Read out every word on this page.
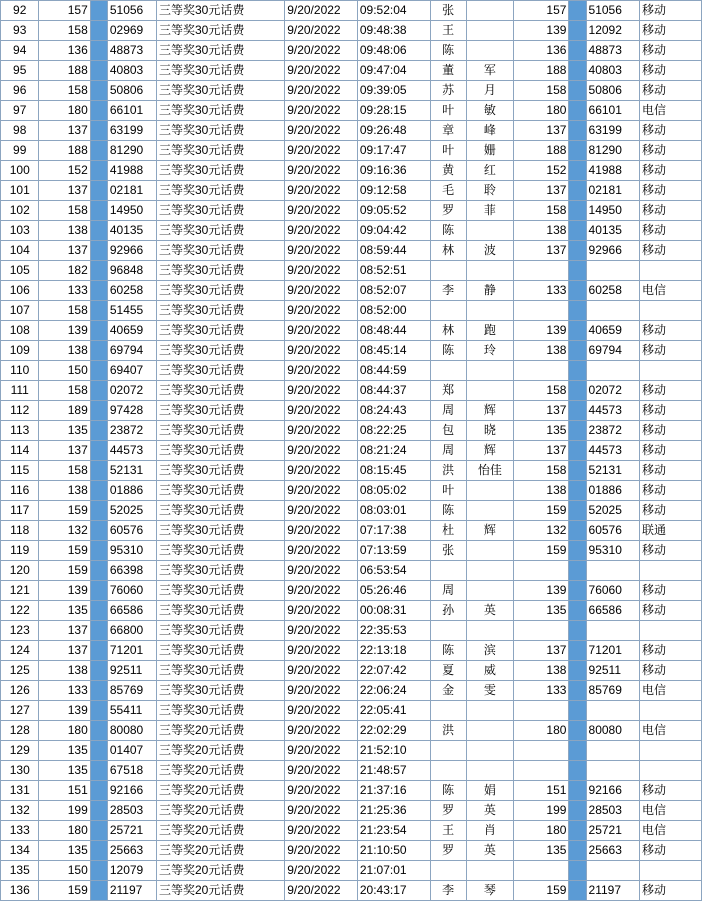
92	157		51056	三等奖30元话费	9/20/2022	09:52:04	张		157		51056	移动
93	158		02969	三等奖30元话费	9/20/2022	09:48:38	王		139		12092	移动
94	136		48873	三等奖30元话费	9/20/2022	09:48:06	陈		136		48873	移动
95	188		40803	三等奖30元话费	9/20/2022	09:47:04	董	军	188		40803	移动
96	158		50806	三等奖30元话费	9/20/2022	09:39:05	苏	月	158		50806	移动
97	180		66101	三等奖30元话费	9/20/2022	09:28:15	叶	敏	180		66101	电信
98	137		63199	三等奖30元话费	9/20/2022	09:26:48	章	峰	137		63199	移动
99	188		81290	三等奖30元话费	9/20/2022	09:17:47	叶	姗	188		81290	移动
100	152		41988	三等奖30元话费	9/20/2022	09:16:36	黄	红	152		41988	移动
101	137		02181	三等奖30元话费	9/20/2022	09:12:58	毛	聆	137		02181	移动
102	158		14950	三等奖30元话费	9/20/2022	09:05:52	罗	菲	158		14950	移动
103	138		40135	三等奖30元话费	9/20/2022	09:04:42	陈		138		40135	移动
104	137		92966	三等奖30元话费	9/20/2022	08:59:44	林	波	137		92966	移动
105	182		96848	三等奖30元话费	9/20/2022	08:52:51						
106	133		60258	三等奖30元话费	9/20/2022	08:52:07	李	静	133		60258	电信
107	158		51455	三等奖30元话费	9/20/2022	08:52:00						
108	139		40659	三等奖30元话费	9/20/2022	08:48:44	林	跑	139		40659	移动
109	138		69794	三等奖30元话费	9/20/2022	08:45:14	陈	玲	138		69794	移动
110	150		69407	三等奖30元话费	9/20/2022	08:44:59						
111	158		02072	三等奖30元话费	9/20/2022	08:44:37	郑		158		02072	移动
112	189		97428	三等奖30元话费	9/20/2022	08:24:43	周	辉	137		44573	移动
113	135		23872	三等奖30元话费	9/20/2022	08:22:25	包	晓	135		23872	移动
114	137		44573	三等奖30元话费	9/20/2022	08:21:24	周	辉	137		44573	移动
115	158		52131	三等奖30元话费	9/20/2022	08:15:45	洪	怡佳	158		52131	移动
116	138		01886	三等奖30元话费	9/20/2022	08:05:02	叶		138		01886	移动
117	159		52025	三等奖30元话费	9/20/2022	08:03:01	陈		159		52025	移动
118	132		60576	三等奖30元话费	9/20/2022	07:17:38	杜	辉	132		60576	联通
119	159		95310	三等奖30元话费	9/20/2022	07:13:59	张		159		95310	移动
120	159		66398	三等奖30元话费	9/20/2022	06:53:54						
121	139		76060	三等奖30元话费	9/20/2022	05:26:46	周		139		76060	移动
122	135		66586	三等奖30元话费	9/20/2022	00:08:31	孙	英	135		66586	移动
123	137		66800	三等奖30元话费	9/20/2022	22:35:53						
124	137		71201	三等奖30元话费	9/20/2022	22:13:18	陈	滨	137		71201	移动
125	138		92511	三等奖30元话费	9/20/2022	22:07:42	夏	威	138		92511	移动
126	133		85769	三等奖30元话费	9/20/2022	22:06:24	金	雯	133		85769	电信
127	139		55411	三等奖30元话费	9/20/2022	22:05:41						
128	180		80080	三等奖20元话费	9/20/2022	22:02:29	洪		180		80080	电信
129	135		01407	三等奖20元话费	9/20/2022	21:52:10						
130	135		67518	三等奖20元话费	9/20/2022	21:48:57						
131	151		92166	三等奖20元话费	9/20/2022	21:37:16	陈	娟	151		92166	移动
132	199		28503	三等奖20元话费	9/20/2022	21:25:36	罗	英	199		28503	电信
133	180		25721	三等奖20元话费	9/20/2022	21:23:54	王	肖	180		25721	电信
134	135		25663	三等奖20元话费	9/20/2022	21:10:50	罗	英	135		25663	移动
135	150		12079	三等奖20元话费	9/20/2022	21:07:01						
136	159		21197	三等奖20元话费	9/20/2022	20:43:17	李	琴	159		21197	移动
